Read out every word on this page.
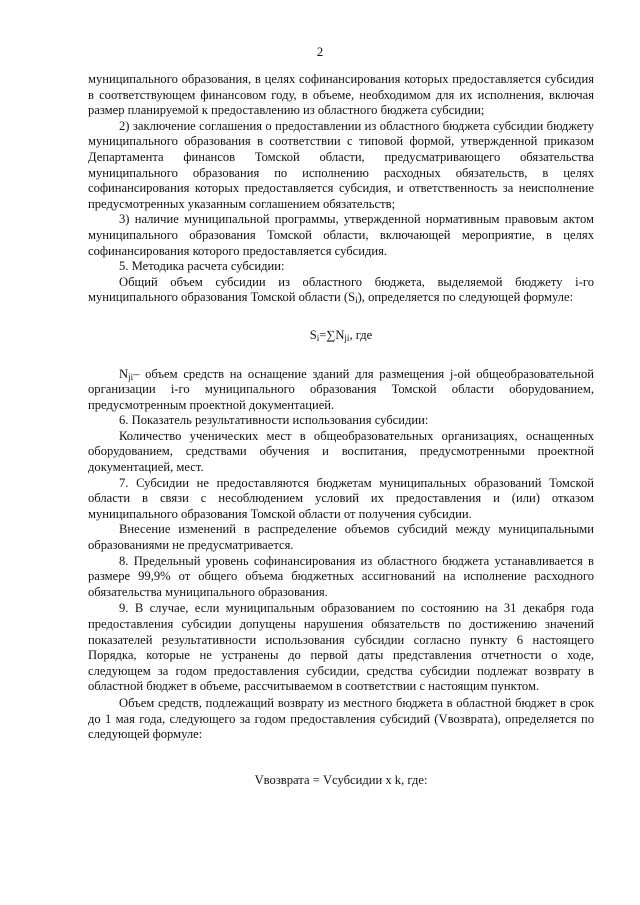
2

муниципального образования, в целях софинансирования которых предоставляется субсидия в соответствующем финансовом году, в объеме, необходимом для их исполнения, включая размер планируемой к предоставлению из областного бюджета субсидии;

2) заключение соглашения о предоставлении из областного бюджета субсидии бюджету муниципального образования в соответствии с типовой формой, утвержденной приказом Департамента финансов Томской области, предусматривающего обязательства муниципального образования по исполнению расходных обязательств, в целях софинансирования которых предоставляется субсидия, и ответственность за неисполнение предусмотренных указанным соглашением обязательств;

3) наличие муниципальной программы, утвержденной нормативным правовым актом муниципального образования Томской области, включающей мероприятие, в целях софинансирования которого предоставляется субсидия.

5. Методика расчета субсидии:

Общий объем субсидии из областного бюджета, выделяемой бюджету i-го муниципального образования Томской области $(S_i)$, определяется по следующей формуле:

$S_i=\sum N_{ji}$, где

$N_{ji}-$ объем средств на оснащение зданий для размещения j-ой общеобразовательной организации i-го муниципального образования Томской области оборудованием, предусмотренным проектной документацией.

6. Показатель результативности использования субсидии:

Количество ученических мест в общеобразовательных организациях, оснащенных оборудованием, средствами обучения и воспитания, предусмотренными проектной документацией, мест.

7. Субсидии не предоставляются бюджетам муниципальных образований Томской области в связи с несоблюдением условий их предоставления и (или) отказом муниципального образования Томской области от получения субсидии.

Внесение изменений в распределение объемов субсидий между муниципальными образованиями не предусматривается.

8. Предельный уровень софинансирования из областного бюджета устанавливается в размере 99,9% от общего объема бюджетных ассигнований на исполнение расходного обязательства муниципального образования.

9. В случае, если муниципальным образованием по состоянию на 31 декабря года предоставления субсидии допущены нарушения обязательств по достижению значений показателей результативности использования субсидии согласно пункту 6 настоящего Порядка, которые не устранены до первой даты представления отчетности о ходе, следующем за годом предоставления субсидии, средства субсидии подлежат возврату в областной бюджет в объеме, рассчитываемом в соответствии с настоящим пунктом.

Объем средств, подлежащий возврату из местного бюджета в областной бюджет в срок до 1 мая года, следующего за годом предоставления субсидий (Vвозврата), определяется по следующей формуле:

Vвозврата = Vсубсидии x k, где:
